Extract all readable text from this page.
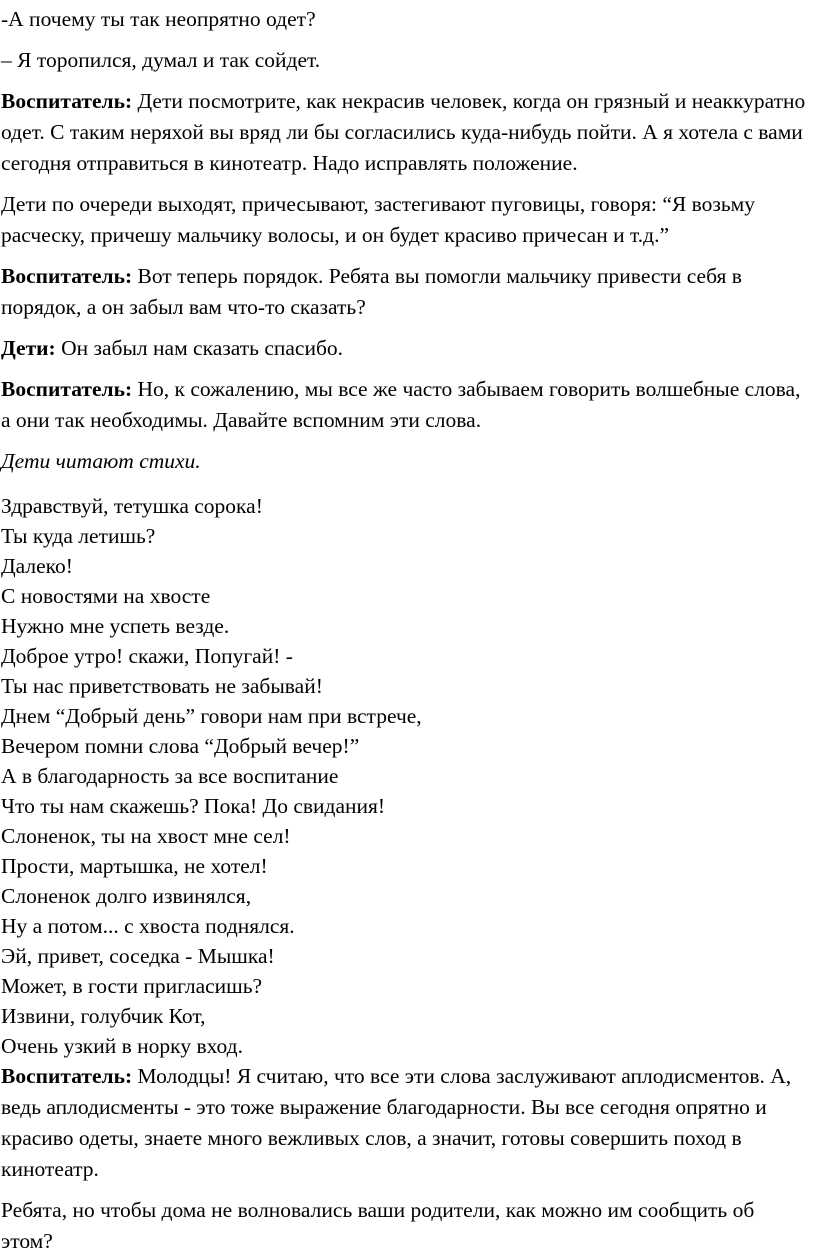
-А почему ты так неопрятно одет?

– Я торопился, думал и так сойдет.

Воспитатель: Дети посмотрите, как некрасив человек, когда он грязный и неаккуратно одет. С таким неряхой вы вряд ли бы согласились куда-нибудь пойти. А я хотела с вами сегодня отправиться в кинотеатр. Надо исправлять положение.

Дети по очереди выходят, причесывают, застегивают пуговицы, говоря: “Я возьму расческу, причешу мальчику волосы, и он будет красиво причесан и т.д.”

Воспитатель: Вот теперь порядок. Ребята вы помогли мальчику привести себя в порядок, а он забыл вам что-то сказать?

Дети: Он забыл нам сказать спасибо.

Воспитатель: Но, к сожалению, мы все же часто забываем говорить волшебные слова, а они так необходимы. Давайте вспомним эти слова.

Дети читают стихи.

Здравствуй, тетушка сорока!
Ты куда летишь?
Далеко!
С новостями на хвосте
Нужно мне успеть везде.
Доброе утро! скажи, Попугай! -
Ты нас приветствовать не забывай!
Днем “Добрый день” говори нам при встрече,
Вечером помни слова “Добрый вечер!”
А в благодарность за все воспитание
Что ты нам скажешь? Пока! До свидания!
Слоненок, ты на хвост мне сел!
Прости, мартышка, не хотел!
Слоненок долго извинялся,
Ну а потом... с хвоста поднялся.
Эй, привет, соседка - Мышка!
Может, в гости пригласишь?
Извини, голубчик Кот,
Очень узкий в норку вход.

Воспитатель: Молодцы! Я считаю, что все эти слова заслуживают аплодисментов. А, ведь аплодисменты - это тоже выражение благодарности. Вы все сегодня опрятно и красиво одеты, знаете много вежливых слов, а значит, готовы совершить поход в кинотеатр.

Ребята, но чтобы дома не волновались ваши родители, как можно им сообщить об этом?
